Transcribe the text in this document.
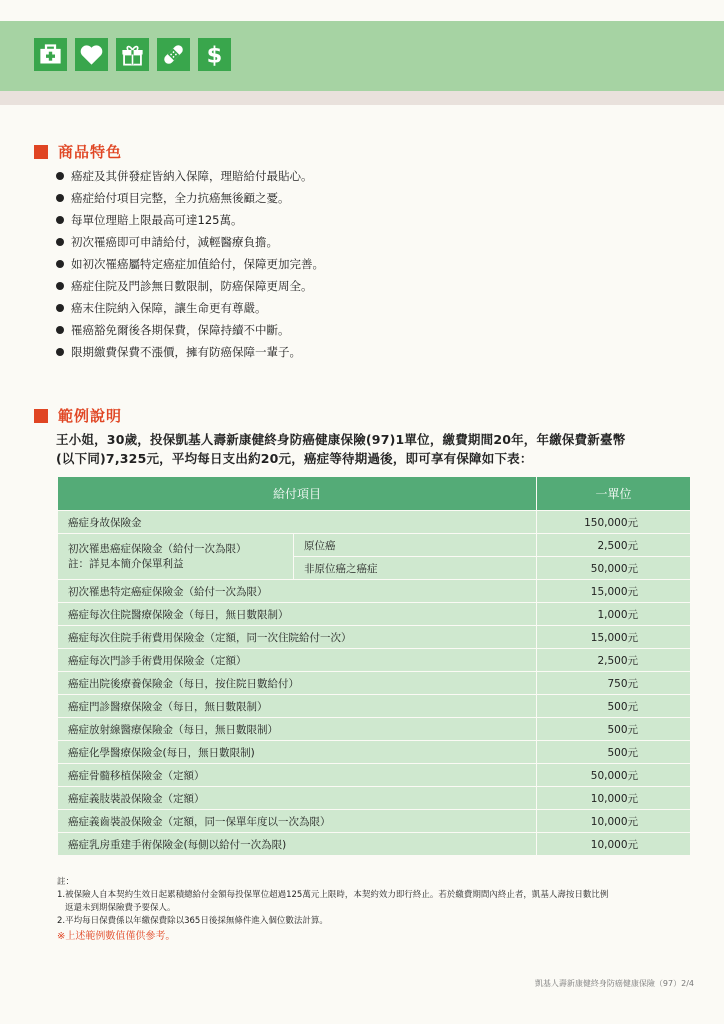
$
商品特色
癌症及其併發症皆納入保障，理賠給付最貼心。
癌症給付項目完整，全力抗癌無後顧之憂。
每單位理賠上限最高可達125萬。
初次罹癌即可申請給付，減輕醫療負擔。
如初次罹癌屬特定癌症加值給付，保障更加完善。
癌症住院及門診無日數限制，防癌保障更周全。
癌末住院納入保障，讓生命更有尊嚴。
罹癌豁免爾後各期保費，保障持續不中斷。
限期繳費保費不漲價，擁有防癌保障一輩子。
範例說明
王小姐，30歲，投保凱基人壽新康健終身防癌健康保險(97)1單位，繳費期間20年，年繳保費新臺幣
(以下同)7,325元，平均每日支出約20元，癌症等待期過後，即可享有保障如下表：
給付項目		一單位
癌症身故保險金		150,000元

初次罹患癌症保險金（給付一次為限）
註：詳見本簡介保單利益	原位癌	2,500元
	非原位癌之癌症	50,000元
初次罹患特定癌症保險金（給付一次為限）		15,000元
癌症每次住院醫療保險金（每日，無日數限制）		1,000元
癌症每次住院手術費用保險金（定額，同一次住院給付一次）		15,000元
癌症每次門診手術費用保險金（定額）		2,500元
癌症出院後療養保險金（每日，按住院日數給付）		750元
癌症門診醫療保險金（每日，無日數限制）		500元
癌症放射線醫療保險金（每日，無日數限制）		500元
癌症化學醫療保險金(每日，無日數限制)		500元
癌症骨髓移植保險金（定額）		50,000元
癌症義肢裝設保險金（定額）		10,000元
癌症義齒裝設保險金（定額，同一保單年度以一次為限）		10,000元
癌症乳房重建手術保險金(每側以給付一次為限)		10,000元
註：
1.被保險人自本契約生效日起累積總給付金額每投保單位超過125萬元上限時，本契約效力即行終止。若於繳費期間內終止者，凱基人壽按日數比例
返還未到期保險費予要保人。
2.平均每日保費係以年繳保費除以365日後採無條件進入個位數法計算。
※上述範例數值僅供參考。
凱基人壽新康健終身防癌健康保險（97）2/4
